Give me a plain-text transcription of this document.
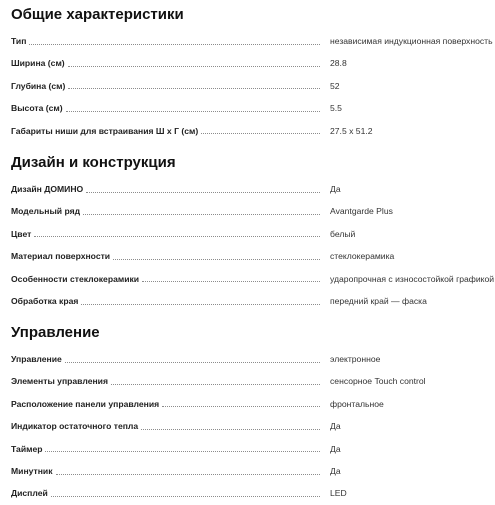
Общие характеристики
Тип	независимая индукционная поверхность
Ширина (см)	28.8
Глубина (см)	52
Высота (см)	5.5
Габариты ниши для встраивания Ш х Г (см)	27.5 x 51.2
Дизайн и конструкция
Дизайн ДОМИНО	Да
Модельный ряд	Avantgarde Plus
Цвет	белый
Материал поверхности	стеклокерамика
Особенности стеклокерамики	ударопрочная с износостойкой графикой
Обработка края	передний край — фаска
Управление
Управление	электронное
Элементы управления	сенсорное Touch control
Расположение панели управления	фронтальное
Индикатор остаточного тепла	Да
Таймер	Да
Минутник	Да
Дисплей	LED
